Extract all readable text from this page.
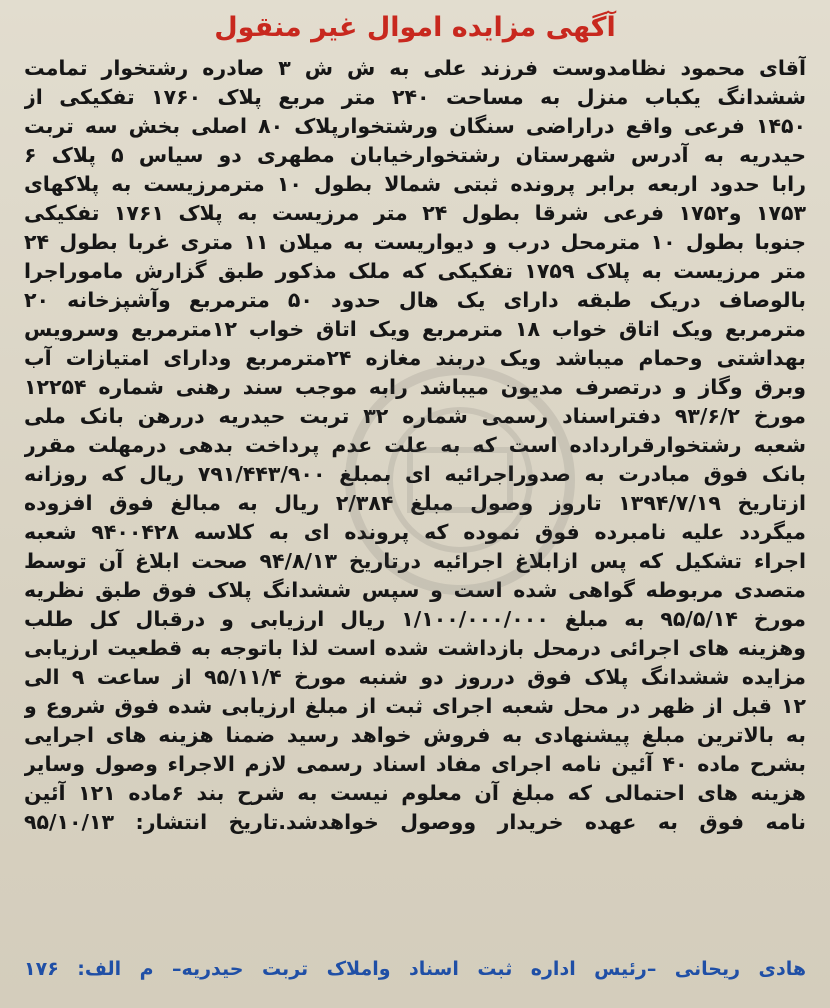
آگهی مزایده اموال غیر منقول
آقای محمود نظامدوست فرزند علی به ش ش ۳ صادره رشتخوار تمامت
ششدانگ یکباب منزل به مساحت ۲۴۰ متر مربع پلاک ۱۷۶۰ تفکیکی از
۱۴۵۰ فرعی واقع دراراضی سنگان ورشتخوارپلاک ۸۰ اصلی بخش سه تربت
حیدریه به آدرس شهرستان رشتخوارخیابان مطهری دو سیاس ۵ پلاک ۶
رابا حدود اربعه برابر پرونده ثبتی شمالا بطول ۱۰ مترمرزیست به پلاکهای
۱۷۵۳ و۱۷۵۲ فرعی شرقا بطول ۲۴ متر مرزیست به پلاک ۱۷۶۱ تفکیکی
جنوبا بطول ۱۰ مترمحل درب و دیواریست به میلان ۱۱ متری غربا بطول ۲۴
متر مرزیست به پلاک ۱۷۵۹ تفکیکی که ملک مذکور طبق گزارش ماموراجرا
بالوصاف دریک طبقه دارای یک هال حدود ۵۰ مترمربع وآشپزخانه ۲۰
مترمربع ویک اتاق خواب ۱۸ مترمربع ویک اتاق خواب ۱۲مترمربع وسرویس
بهداشتی وحمام میباشد ویک دربند مغازه ۲۴مترمربع ودارای امتیازات آب
وبرق وگاز و درتصرف مدیون میباشد رابه موجب سند رهنی شماره ۱۲۲۵۴
مورخ ۹۳/۶/۲ دفتراسناد رسمی شماره ۳۲ تربت حیدریه دررهن بانک ملی
شعبه رشتخوارقرارداده است که به علت عدم پرداخت بدهی درمهلت مقرر
بانک فوق مبادرت به صدوراجرائیه ای بمبلغ ۷۹۱/۴۴۳/۹۰۰ ریال که روزانه
ازتاریخ ۱۳۹۴/۷/۱۹ تاروز وصول مبلغ ۲/۳۸۴ ریال به مبالغ فوق افزوده
میگردد علیه نامبرده فوق نموده که پرونده ای به کلاسه ۹۴۰۰۴۲۸ شعبه
اجراء تشکیل که پس ازابلاغ اجرائیه درتاریخ ۹۴/۸/۱۳ صحت ابلاغ آن توسط
متصدی مربوطه گواهی شده است و سپس ششدانگ پلاک فوق طبق نظریه
مورخ ۹۵/۵/۱۴ به مبلغ ۱/۱۰۰/۰۰۰/۰۰۰ ریال ارزیابی و درقبال کل طلب
وهزینه های اجرائی درمحل بازداشت شده است لذا باتوجه به قطعیت ارزیابی
مزایده ششدانگ پلاک فوق درروز دو شنبه مورخ ۹۵/۱۱/۴ از ساعت ۹ الی
۱۲ قبل از ظهر در محل شعبه اجرای ثبت از مبلغ ارزیابی شده فوق شروع و
به بالاترین مبلغ پیشنهادی به فروش خواهد رسید ضمنا هزینه های اجرایی
بشرح ماده ۴۰ آئین نامه اجرای مفاد اسناد رسمی لازم الاجراء وصول وسایر
هزینه های احتمالی که مبلغ آن معلوم نیست به شرح بند ۶ماده ۱۲۱ آئین
نامه فوق به عهده خریدار ووصول خواهدشد.تاریخ انتشار: ۹۵/۱۰/۱۳
هادی ریحانی –رئیس اداره ثبت اسناد واملاک تربت حیدریه– م الف: ۱۷۶
